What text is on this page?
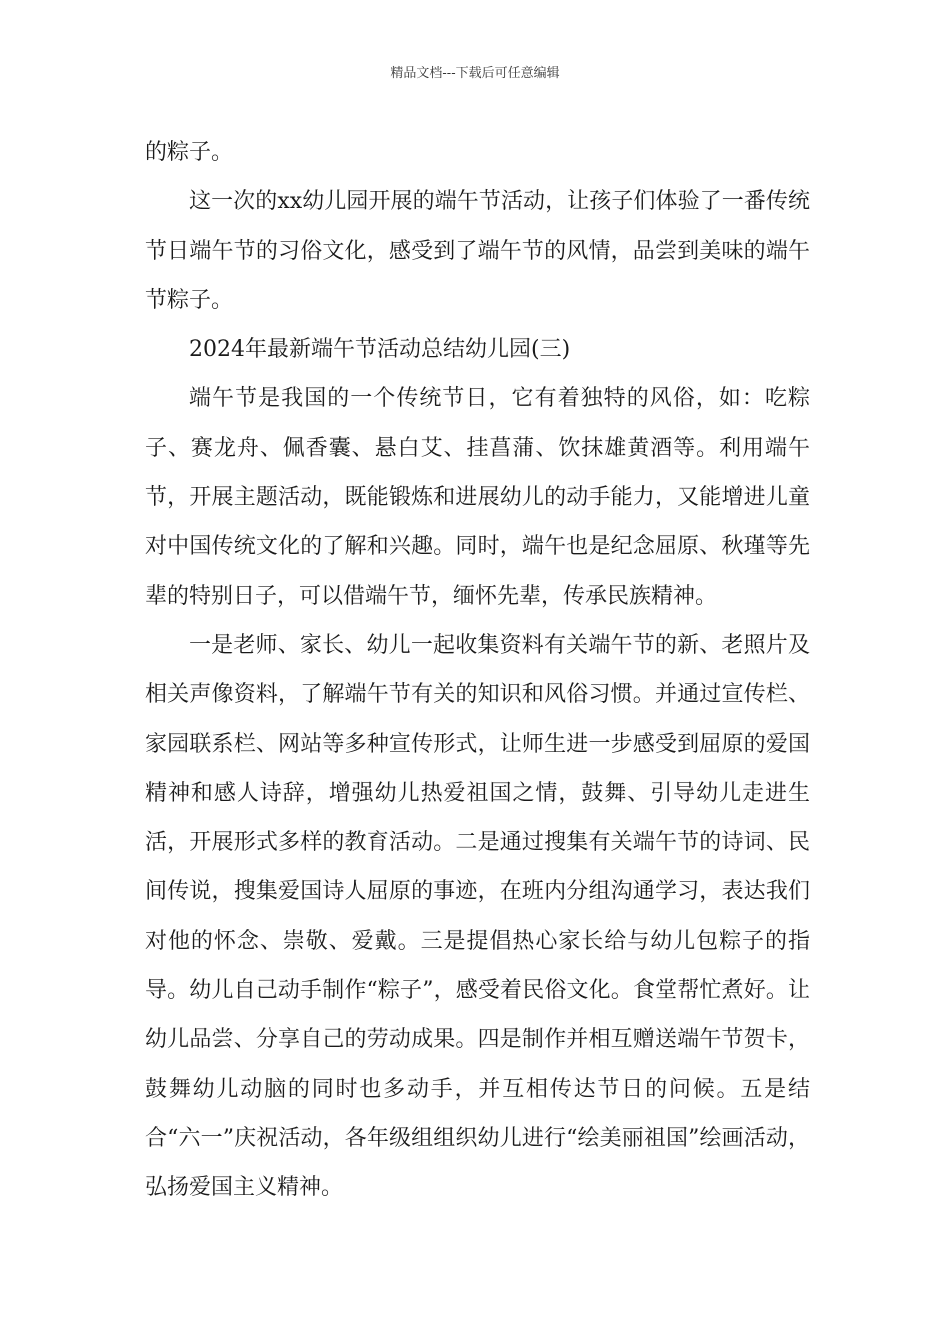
精品文档---下载后可任意编辑

的粽子。

这一次的xx幼儿园开展的端午节活动，让孩子们体验了一番传统节日端午节的习俗文化，感受到了端午节的风情，品尝到美味的端午节粽子。

2024年最新端午节活动总结幼儿园(三)

端午节是我国的一个传统节日，它有着独特的风俗，如：吃粽子、赛龙舟、佩香囊、悬白艾、挂菖蒲、饮抹雄黄酒等。利用端午节，开展主题活动，既能锻炼和进展幼儿的动手能力，又能增进儿童对中国传统文化的了解和兴趣。同时，端午也是纪念屈原、秋瑾等先辈的特别日子，可以借端午节，缅怀先辈，传承民族精神。

一是老师、家长、幼儿一起收集资料有关端午节的新、老照片及相关声像资料，了解端午节有关的知识和风俗习惯。并通过宣传栏、家园联系栏、网站等多种宣传形式，让师生进一步感受到屈原的爱国精神和感人诗辞，增强幼儿热爱祖国之情，鼓舞、引导幼儿走进生活，开展形式多样的教育活动。二是通过搜集有关端午节的诗词、民间传说，搜集爱国诗人屈原的事迹，在班内分组沟通学习，表达我们对他的怀念、崇敬、爱戴。三是提倡热心家长给与幼儿包粽子的指导。幼儿自己动手制作“粽子”，感受着民俗文化。食堂帮忙煮好。让幼儿品尝、分享自己的劳动成果。四是制作并相互赠送端午节贺卡，鼓舞幼儿动脑的同时也多动手，并互相传达节日的问候。五是结合“六一”庆祝活动，各年级组组织幼儿进行“绘美丽祖国”绘画活动，弘扬爱国主义精神。
